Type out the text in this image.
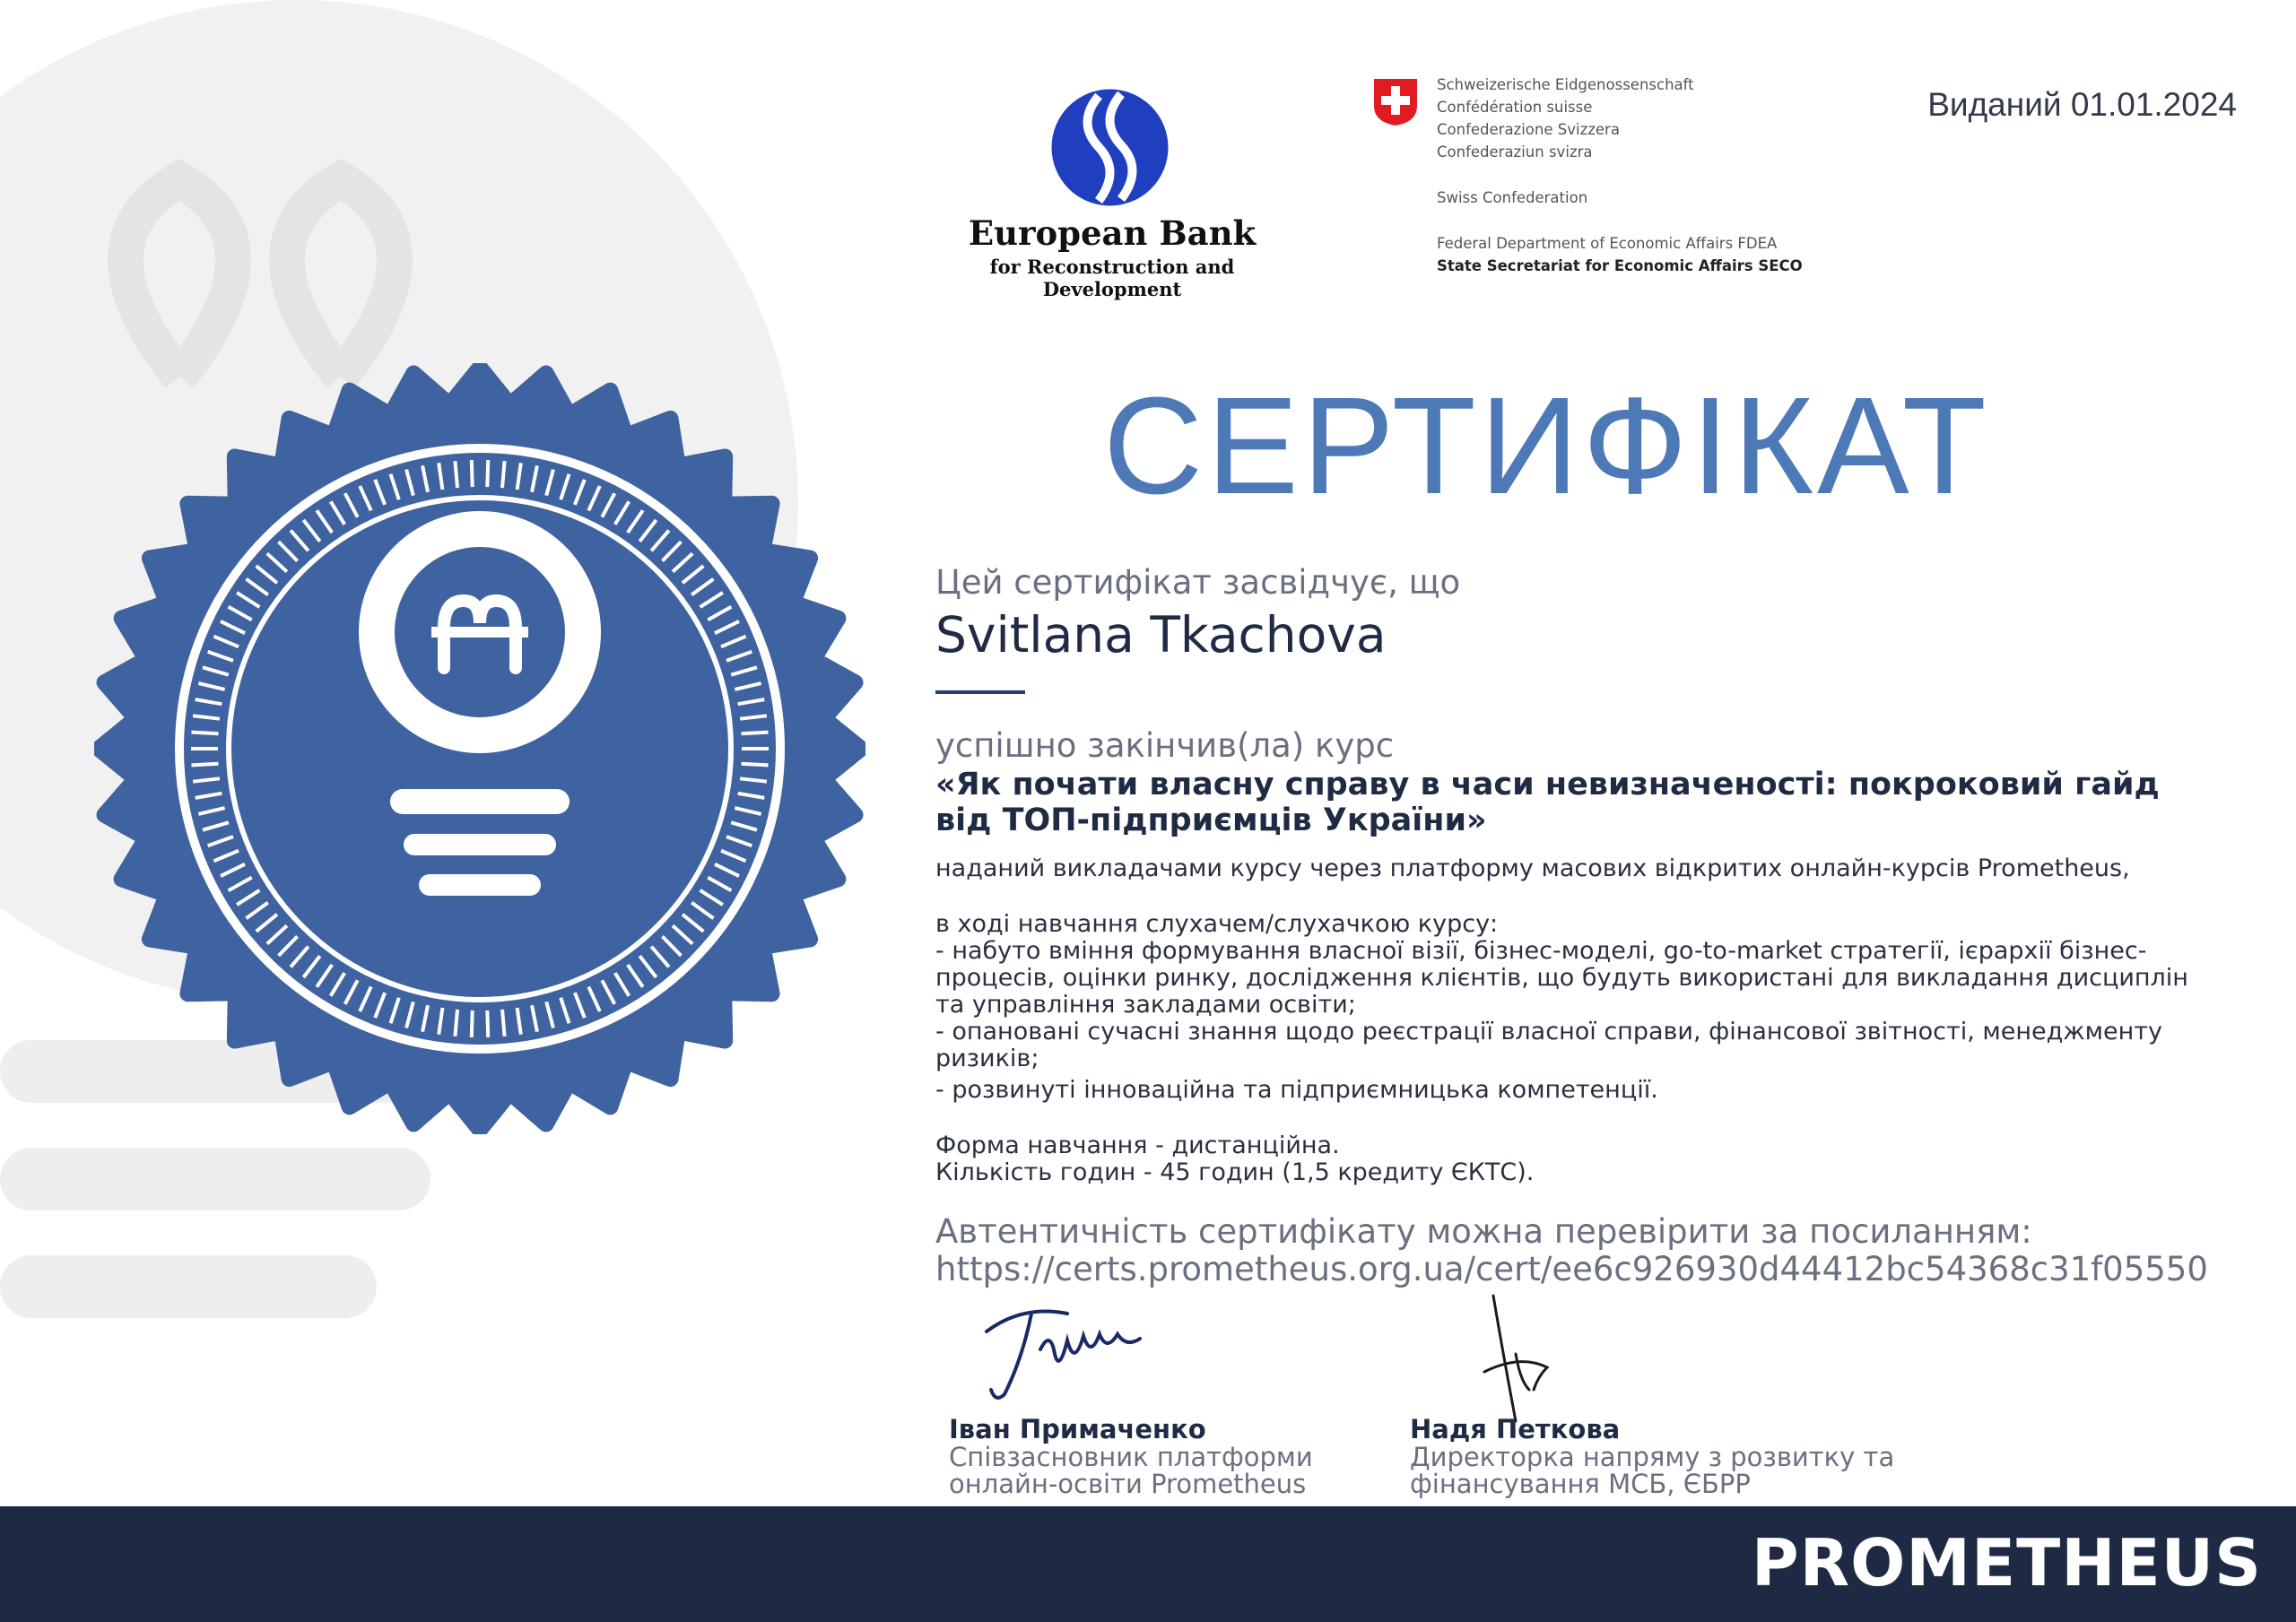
European Bank
for Reconstruction and Development
Schweizerische Eidgenossenschaft
Confédération suisse
Confederazione Svizzera
Confederaziun svizra
Swiss Confederation
Federal Department of Economic Affairs FDEA
State Secretariat for Economic Affairs SECO
Виданий 01.01.2024
СЕРТИФІКАТ
Цей сертифікат засвідчує, що
Svitlana Tkachova
успішно закінчив(ла) курс
«Як почати власну справу в часи невизначеності: покроковий гайд
від ТОП-підприємців України»
наданий викладачами курсу через платформу масових відкритих онлайн-курсів Prometheus,
в ході навчання слухачем/слухачкою курсу:
- набуто вміння формування власної візії, бізнес-моделі, go-to-market стратегії, ієрархії бізнес-
процесів, оцінки ринку, дослідження клієнтів, що будуть використані для викладання дисциплін
та управління закладами освіти;
- опановані сучасні знання щодо реєстрації власної справи, фінансової звітності, менеджменту
ризиків;
- розвинуті інноваційна та підприємницька компетенції.
Форма навчання - дистанційна.
Кількість годин - 45 годин (1,5 кредиту ЄКТС).
Автентичність сертифікату можна перевірити за посиланням:
https://certs.prometheus.org.ua/cert/ee6c926930d44412bc54368c31f05550
Іван Примаченко
Співзасновник платформи
онлайн-освіти Prometheus
Надя Петкова
Директорка напряму з розвитку та
фінансування МСБ, ЄБРР
PROMETHEUS
